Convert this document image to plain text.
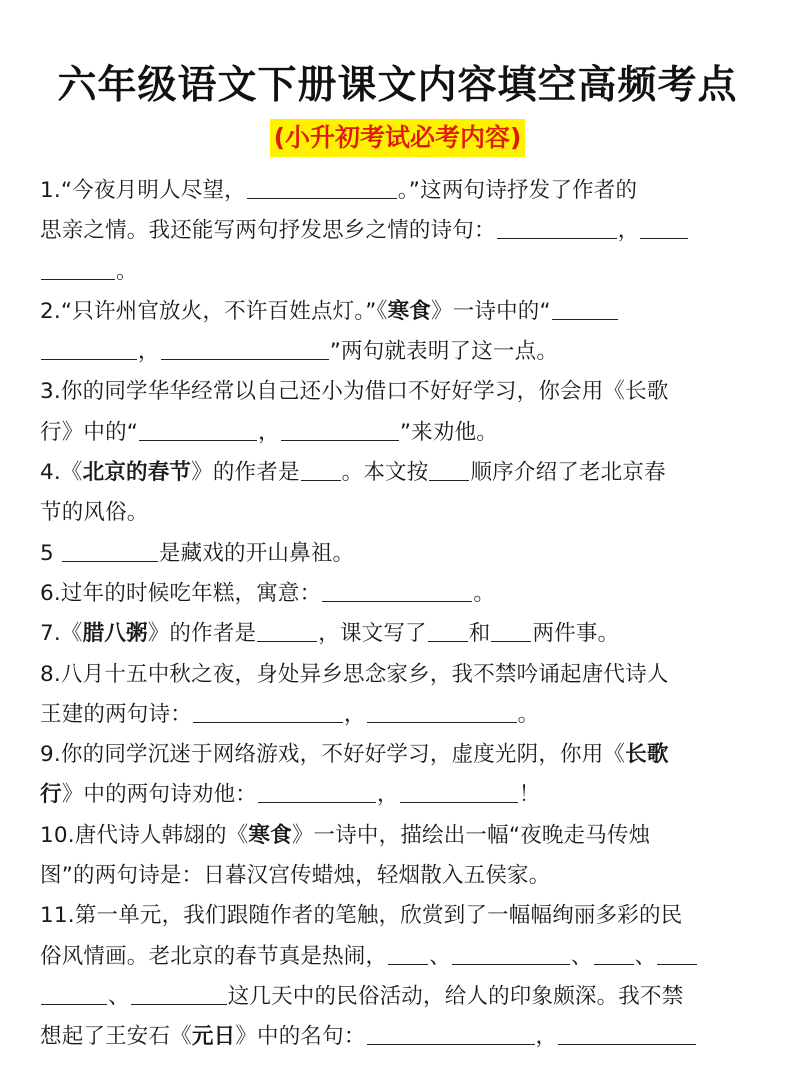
六年级语文下册课文内容填空高频考点
(小升初考试必考内容)
1.“今夜月明人尽望，	。”这两句诗抒发了作者的
思亲之情。我还能写两句抒发思乡之情的诗句：	，
。
2.“只许州官放火，不许百姓点灯。”《寒食》一诗中的“
，	”两句就表明了这一点。
3.你的同学华华经常以自己还小为借口不好好学习，你会用《长歌
行》中的“	，	”来劝他。
4.《北京的春节》的作者是 。本文按 顺序介绍了老北京春
节的风俗。
5	是藏戏的开山鼻祖。
6.过年的时候吃年糕，寓意：	。
7.《腊八粥》的作者是	，课文写了 和 两件事。
8.八月十五中秋之夜，身处异乡思念家乡，我不禁吟诵起唐代诗人
王建的两句诗：	，	。
9.你的同学沉迷于网络游戏，不好好学习，虚度光阴，你用《长歌
行》中的两句诗劝他：	，	！
10.唐代诗人韩翃的《寒食》一诗中，描绘出一幅“夜晚走马传烛
图”的两句诗是：日暮汉宫传蜡烛，轻烟散入五侯家。
11.第一单元，我们跟随作者的笔触，欣赏到了一幅幅绚丽多彩的民
俗风情画。老北京的春节真是热闹， 、	、 、
、	这几天中的民俗活动，给人的印象颇深。我不禁
想起了王安石《元日》中的名句：	，
